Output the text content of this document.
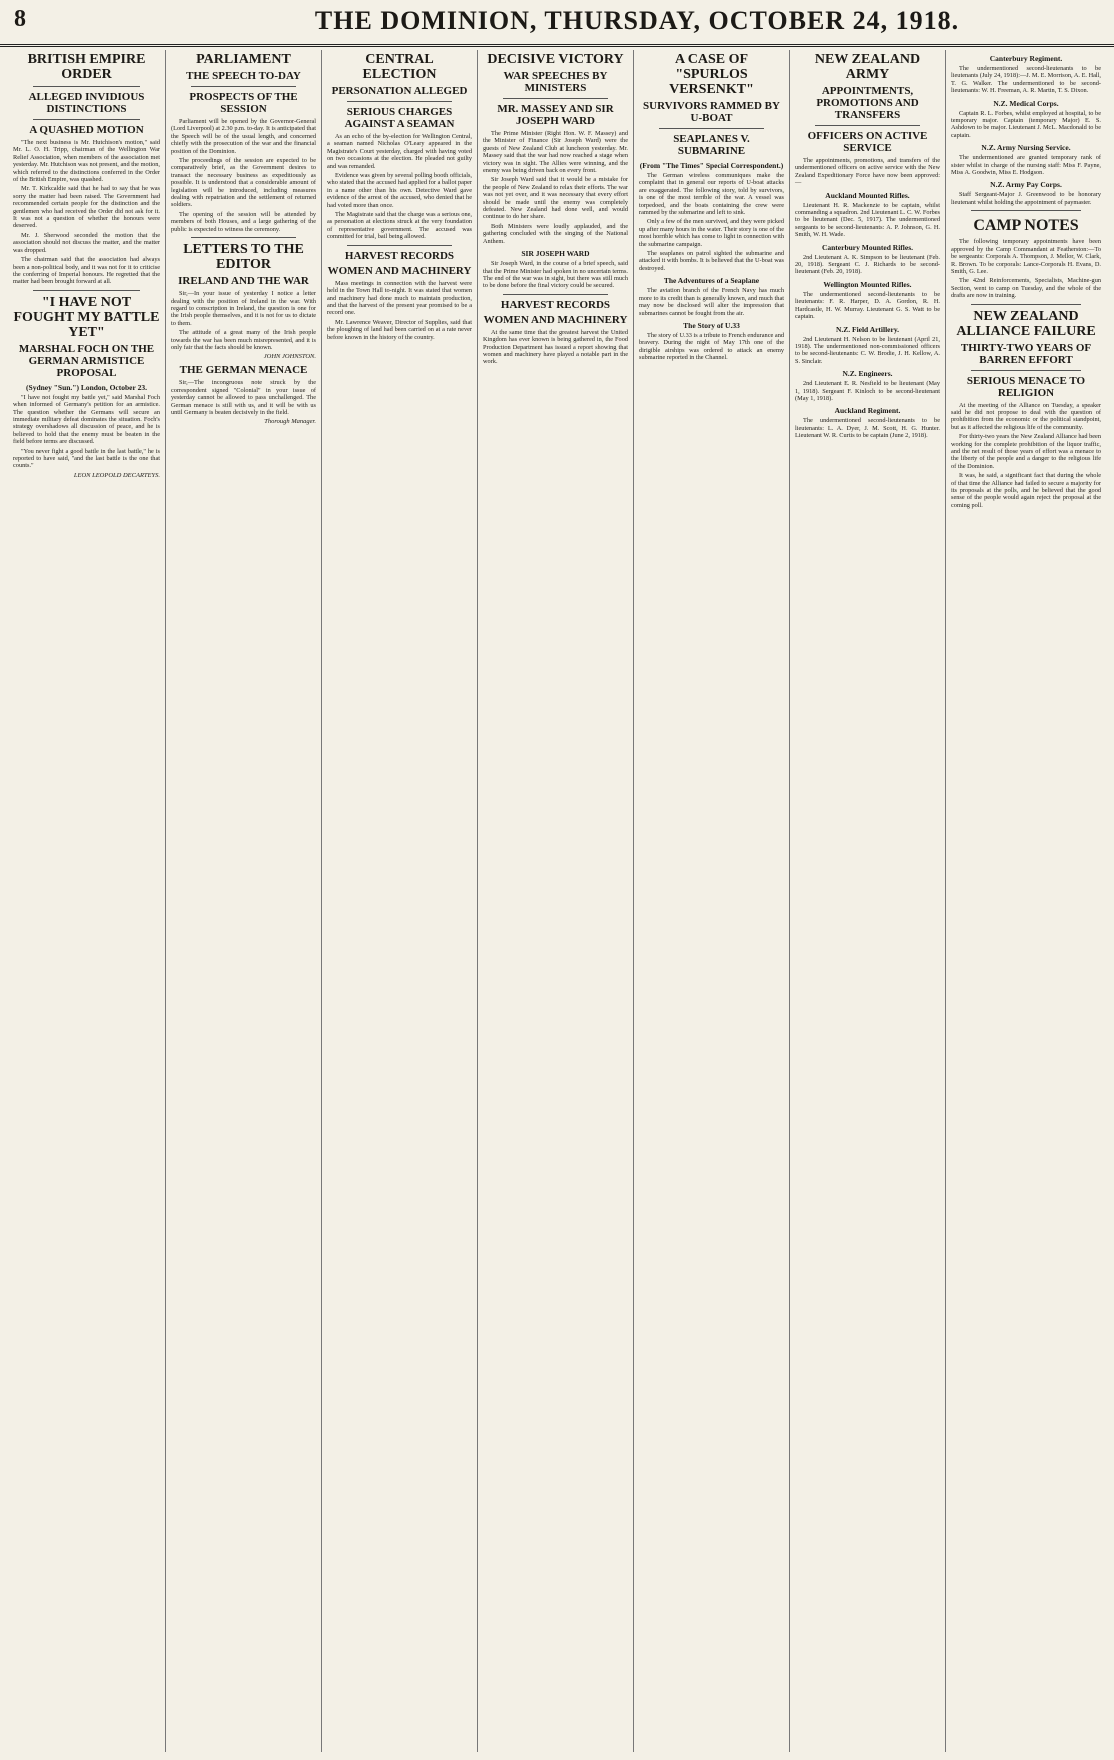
8	THE DOMINION, THURSDAY, OCTOBER 24, 1918.
BRITISH EMPIRE ORDER
ALLEGED INVIDIOUS DISTINCTIONS
A QUASHED MOTION

"The next business is Mr. Hutchison's motion," said Mr. L. O. H. Tripp, chairman of the Wellington War Relief Association, when members of the association met yesterday. Mr. Hutchison was not present, and the motion, which referred to the distinctions conferred in the Order of the British Empire, was quashed.

Mr. T. Kirkcaldie said that he had to say that he was sorry the matter had been raised. The Government had recommended certain people for the distinction and the gentlemen who had received the Order did not ask for it. It was not a question of whether the honours were deserved.

Mr. J. Sherwood seconded the motion that the association should not discuss the matter, and the matter was dropped.

The chairman said that the association had always been a non-political body, and it was not for it to criticise the conferring of Imperial honours. He regretted that the matter had been brought forward at all.

"I HAVE NOT FOUGHT MY BATTLE YET"
MARSHAL FOCH ON THE GERMAN ARMISTICE PROPOSAL
(Sydney "Sun.") London, October 23.

"I have not fought my battle yet," said Marshal Foch when informed of Germany's petition for an armistice. The question whether the Germans will secure an immediate military defeat dominates the situation. Foch's strategy overshadows all discussion of peace, and he is believed to hold that the enemy must be beaten in the field before terms are discussed.

"You never fight a good battle in the last battle," he is reported to have said, "and the last battle is the one that counts."

LEON LEOPOLD DECARTEYS.
PARLIAMENT
THE SPEECH TO-DAY
PROSPECTS OF THE SESSION

Parliament will be opened by the Governor-General (Lord Liverpool) at 2.30 p.m. to-day. It is anticipated that the Speech will be of the usual length, and concerned chiefly with the prosecution of the war and the financial position of the Dominion.

The proceedings of the session are expected to be comparatively brief, as the Government desires to transact the necessary business as expeditiously as possible. It is understood that a considerable amount of legislation will be introduced, including measures dealing with repatriation and the settlement of returned soldiers.

The opening of the session will be attended by members of both Houses, and a large gathering of the public is expected to witness the ceremony.

LETTERS TO THE EDITOR
IRELAND AND THE WAR

Sir,—In your issue of yesterday I notice a letter dealing with the position of Ireland in the war. With regard to conscription in Ireland, the question is one for the Irish people themselves, and it is not for us to dictate to them.

The attitude of a great many of the Irish people towards the war has been much misrepresented, and it is only fair that the facts should be known.

JOHN JOHNSTON.
THE GERMAN MENACE

Sir,—The incongruous note struck by the correspondent signed "Colonial" in your issue of yesterday cannot be allowed to pass unchallenged. The German menace is still with us, and it will be with us until Germany is beaten decisively in the field.

Thorough Manager.
CENTRAL ELECTION
PERSONATION ALLEGED
SERIOUS CHARGES AGAINST A SEAMAN

As an echo of the by-election for Wellington Central, a seaman named Nicholas O'Leary appeared in the Magistrate's Court yesterday, charged with having voted on two occasions at the election. He pleaded not guilty and was remanded.

Evidence was given by several polling booth officials, who stated that the accused had applied for a ballot paper in a name other than his own. Detective Ward gave evidence of the arrest of the accused, who denied that he had voted more than once.

The Magistrate said that the charge was a serious one, as personation at elections struck at the very foundation of representative government. The accused was committed for trial, bail being allowed.

HARVEST RECORDS
WOMEN AND MACHINERY

Mass meetings in connection with the harvest were held in the Town Hall to-night. It was stated that women and machinery had done much to maintain production, and that the harvest of the present year promised to be a record one.

Mr. Lawrence Weaver, Director of Supplies, said that the ploughing of land had been carried on at a rate never before known in the history of the country.

DECISIVE VICTORY
WAR SPEECHES BY MINISTERS
MR. MASSEY AND SIR JOSEPH WARD

The Prime Minister (Right Hon. W. F. Massey) and the Minister of Finance (Sir Joseph Ward) were the guests of New Zealand Club at luncheon yesterday. Mr. Massey said that the war had now reached a stage when victory was in sight. The Allies were winning, and the enemy was being driven back on every front.

Sir Joseph Ward said that it would be a mistake for the people of New Zealand to relax their efforts. The war was not yet over, and it was necessary that every effort should be made until the enemy was completely defeated. New Zealand had done well, and would continue to do her share.

Both Ministers were loudly applauded, and the gathering concluded with the singing of the National Anthem.

SIR JOSEPH WARD

Sir Joseph Ward, in the course of a brief speech, said that the Prime Minister had spoken in no uncertain terms. The end of the war was in sight, but there was still much to be done before the final victory could be secured.

HARVEST RECORDS
WOMEN AND MACHINERY

At the same time that the greatest harvest the United Kingdom has ever known is being gathered in, the Food Production Department has issued a report showing that women and machinery have played a notable part in the work.

A CASE OF "SPURLOS VERSENKT"
SURVIVORS RAMMED BY U-BOAT
SEAPLANES V. SUBMARINE
(From "The Times" Special Correspondent.)

The German wireless communiques make the complaint that in general our reports of U-boat attacks are exaggerated. The following story, told by survivors, is one of the most terrible of the war. A vessel was torpedoed, and the boats containing the crew were rammed by the submarine and left to sink.

Only a few of the men survived, and they were picked up after many hours in the water. Their story is one of the most horrible which has come to light in connection with the submarine campaign.

The seaplanes on patrol sighted the submarine and attacked it with bombs. It is believed that the U-boat was destroyed.

The Adventures of a Seaplane

The aviation branch of the French Navy has much more to its credit than is generally known, and much that may now be disclosed will alter the impression that submarines cannot be fought from the air.

The Story of U.33

The story of U.33 is a tribute to French endurance and bravery. During the night of May 17th one of the dirigible airships was ordered to attack an enemy submarine reported in the Channel.

NEW ZEALAND ARMY
APPOINTMENTS, PROMOTIONS AND TRANSFERS
OFFICERS ON ACTIVE SERVICE

The appointments, promotions, and transfers of the undermentioned officers on active service with the New Zealand Expeditionary Force have now been approved:—

Auckland Mounted Rifles.

Lieutenant H. R. Mackenzie to be captain, whilst commanding a squadron. 2nd Lieutenant L. C. W. Forbes to be lieutenant (Dec. 5, 1917). The undermentioned sergeants to be second-lieutenants: A. P. Johnson, G. H. Smith, W. H. Wade.

Canterbury Mounted Rifles.

2nd Lieutenant A. K. Simpson to be lieutenant (Feb. 20, 1918). Sergeant C. J. Richards to be second-lieutenant (Feb. 20, 1918).

Wellington Mounted Rifles.

The undermentioned second-lieutenants to be lieutenants: F. R. Harper, D. A. Gordon, R. H. Hardcastle, H. W. Murray. Lieutenant G. S. Watt to be captain.

N.Z. Field Artillery.

2nd Lieutenant H. Nelson to be lieutenant (April 21, 1918). The undermentioned non-commissioned officers to be second-lieutenants: C. W. Brodie, J. H. Kellow, A. S. Sinclair.

N.Z. Engineers.

2nd Lieutenant E. R. Nesfield to be lieutenant (May 1, 1918). Sergeant F. Kinloch to be second-lieutenant (May 1, 1918).

Auckland Regiment.

The undermentioned second-lieutenants to be lieutenants: L. A. Dyer, J. M. Scott, H. G. Hunter. Lieutenant W. R. Curtis to be captain (June 2, 1918).

Canterbury Regiment.

The undermentioned second-lieutenants to be lieutenants (July 24, 1918):—J. M. E. Morrison, A. E. Hall, T. G. Walker. The undermentioned to be second-lieutenants: W. H. Freeman, A. R. Martin, T. S. Dixon.

N.Z. Medical Corps.

Captain R. L. Forbes, whilst employed at hospital, to be temporary major. Captain (temporary Major) E. S. Ashdown to be major. Lieutenant J. McL. Macdonald to be captain.

N.Z. Army Nursing Service.

The undermentioned are granted temporary rank of sister whilst in charge of the nursing staff: Miss F. Payne, Miss A. Goodwin, Miss E. Hodgson.

N.Z. Army Pay Corps.

Staff Sergeant-Major J. Greenwood to be honorary lieutenant whilst holding the appointment of paymaster.

CAMP NOTES

The following temporary appointments have been approved by the Camp Commandant at Featherston:—To be sergeants: Corporals A. Thompson, J. Mellor, W. Clark, R. Brown. To be corporals: Lance-Corporals H. Evans, D. Smith, G. Lee.

The 42nd Reinforcements, Specialists, Machine-gun Section, went to camp on Tuesday, and the whole of the drafts are now in training.

NEW ZEALAND ALLIANCE FAILURE
THIRTY-TWO YEARS OF BARREN EFFORT
SERIOUS MENACE TO RELIGION

At the meeting of the Alliance on Tuesday, a speaker said he did not propose to deal with the question of prohibition from the economic or the political standpoint, but as it affected the religious life of the community.

For thirty-two years the New Zealand Alliance had been working for the complete prohibition of the liquor traffic, and the net result of those years of effort was a menace to the liberty of the people and a danger to the religious life of the Dominion.

It was, he said, a significant fact that during the whole of that time the Alliance had failed to secure a majority for its proposals at the polls, and he believed that the good sense of the people would again reject the proposal at the coming poll.
